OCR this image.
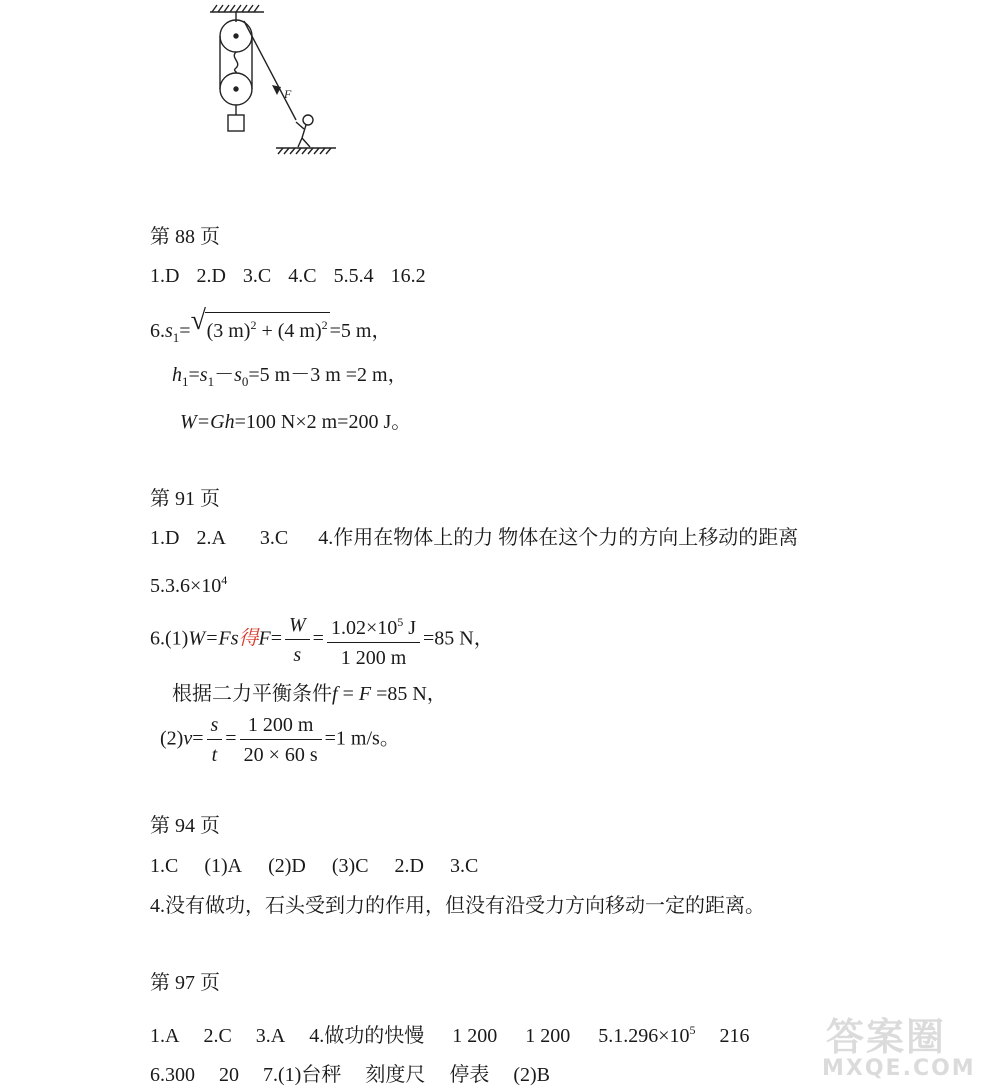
F
第 88 页
1.D 2.D 3.C 4.C 5.5.4 16.2
$6.s_1=$ √ (3 m)$^2$ + (4 m)$^2$ =5 m，
$h_1=s_1-s_0=5$ m－3 m =2 m，
W=Gh=100 N×2 m=200 J。
第 91 页
1.D 2.A 3.C 4.作用在物体上的力 物体在这个力的方向上移动的距离
$5.3.6\times 10^4$
6.(1)W=Fs得$F= \frac{W}{s} = \frac{1.02\times 10^5 J}{1 200 m} =85$ N，
根据二力平衡条件f = F =85 N，
$(2)v= \frac{s}{t} = \frac{1 200 m}{20 \times 60 s} =1$ m/s。
第 94 页
1.C (1)A (2)D (3)C 2.D 3.C
4.没有做功，石头受到力的作用，但没有沿受力方向移动一定的距离。
第 97 页
1.A 2.C 3.A 4.做功的快慢 1 200 1 200 $5.1.296\times 10^5$ 216
6.300 20 7.(1)台秤 刻度尺 停表 (2)B
答案圈
MXQE.COM
